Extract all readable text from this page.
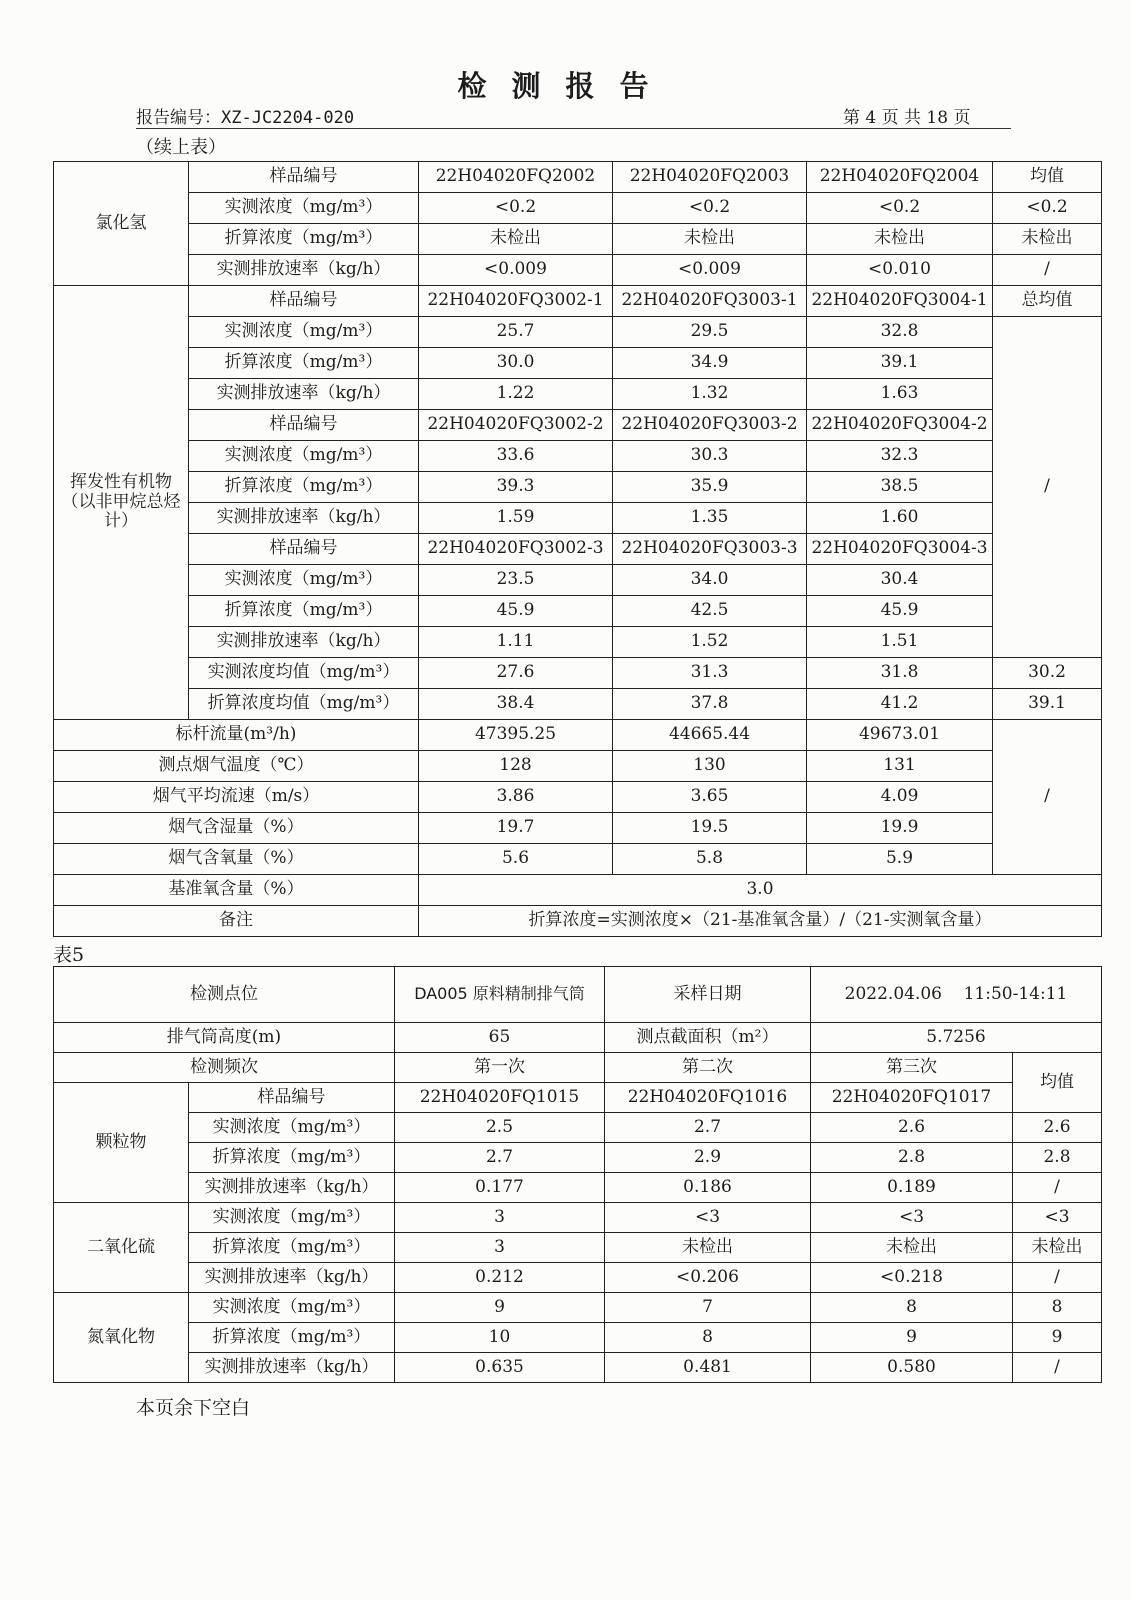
检测报告
报告编号：XZ-JC2204-020	第 4 页 共 18 页
（续上表）
氯化氢	样品编号	22H04020FQ2002	22H04020FQ2003	22H04020FQ2004	均值
	实测浓度（mg/m³）	<0.2	<0.2	<0.2	<0.2
	折算浓度（mg/m³）	未检出	未检出	未检出	未检出
	实测排放速率（kg/h）	<0.009	<0.009	<0.010	/
挥发性有机物（以非甲烷总烃计）	样品编号	22H04020FQ3002-1	22H04020FQ3003-1	22H04020FQ3004-1	总均值
	实测浓度（mg/m³）	25.7	29.5	32.8	/
	折算浓度（mg/m³）	30.0	34.9	39.1	
	实测排放速率（kg/h）	1.22	1.32	1.63	
	样品编号	22H04020FQ3002-2	22H04020FQ3003-2	22H04020FQ3004-2	
	实测浓度（mg/m³）	33.6	30.3	32.3	
	折算浓度（mg/m³）	39.3	35.9	38.5	
	实测排放速率（kg/h）	1.59	1.35	1.60	
	样品编号	22H04020FQ3002-3	22H04020FQ3003-3	22H04020FQ3004-3	
	实测浓度（mg/m³）	23.5	34.0	30.4	
	折算浓度（mg/m³）	45.9	42.5	45.9	
	实测排放速率（kg/h）	1.11	1.52	1.51	
	实测浓度均值（mg/m³）	27.6	31.3	31.8	30.2
	折算浓度均值（mg/m³）	38.4	37.8	41.2	39.1
标杆流量(m³/h)		47395.25	44665.44	49673.01	/
测点烟气温度（℃）		128	130	131	
烟气平均流速（m/s）		3.86	3.65	4.09	
烟气含湿量（%）		19.7	19.5	19.9	
烟气含氧量（%）		5.6	5.8	5.9	
基准氧含量（%）		3.0			
备注		折算浓度=实测浓度×（21-基准氧含量）/（21-实测氧含量）			
表5
检测点位		DA005 原料精制排气筒	采样日期	2022.04.06    11:50-14:11	
排气筒高度(m)		65	测点截面积（m²）	5.7256	
检测频次		第一次	第二次	第三次	均值
颗粒物	样品编号	22H04020FQ1015	22H04020FQ1016	22H04020FQ1017	
	实测浓度（mg/m³）	2.5	2.7	2.6	2.6
	折算浓度（mg/m³）	2.7	2.9	2.8	2.8
	实测排放速率（kg/h）	0.177	0.186	0.189	/
二氧化硫	实测浓度（mg/m³）	3	<3	<3	<3
	折算浓度（mg/m³）	3	未检出	未检出	未检出
	实测排放速率（kg/h）	0.212	<0.206	<0.218	/
氮氧化物	实测浓度（mg/m³）	9	7	8	8
	折算浓度（mg/m³）	10	8	9	9
	实测排放速率（kg/h）	0.635	0.481	0.580	/
本页余下空白
